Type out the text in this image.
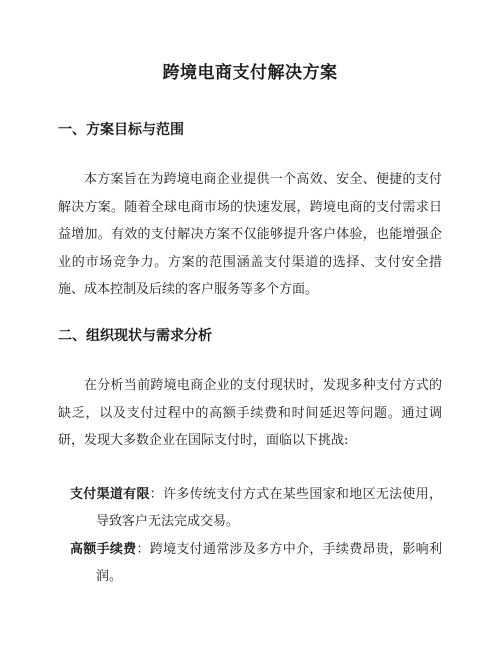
跨境电商支付解决方案
一、方案目标与范围
本方案旨在为跨境电商企业提供一个高效、安全、便捷的支付解决方案。随着全球电商市场的快速发展，跨境电商的支付需求日益增加。有效的支付解决方案不仅能够提升客户体验，也能增强企业的市场竞争力。方案的范围涵盖支付渠道的选择、支付安全措施、成本控制及后续的客户服务等多个方面。
二、组织现状与需求分析
在分析当前跨境电商企业的支付现状时，发现多种支付方式的缺乏，以及支付过程中的高额手续费和时间延迟等问题。通过调研，发现大多数企业在国际支付时，面临以下挑战:
支付渠道有限：许多传统支付方式在某些国家和地区无法使用，导致客户无法完成交易。
高额手续费：跨境支付通常涉及多方中介，手续费昂贵，影响利润。
